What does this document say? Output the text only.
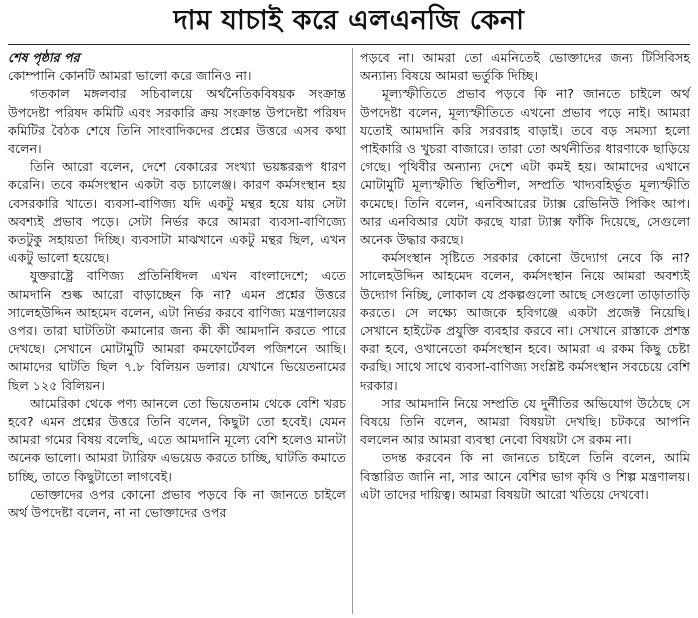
দাম যাচাই করে এলএনজি কেনা

শেষ পৃষ্ঠার পর

কোম্পানি কোনটি আমরা ভালো করে জানিও না।

গতকাল মঙ্গলবার সচিবালয়ে অর্থনৈতিকবিষয়ক সংক্রান্ত উপদেষ্টা পরিষদ কমিটি এবং সরকারি ক্রয় সংক্রান্ত উপদেষ্টা পরিষদ কমিটির বৈঠক শেষে তিনি সাংবাদিকদের প্রশ্নের উত্তরে এসব কথা বলেন।

তিনি আরো বলেন, দেশে বেকারের সংখ্যা ভয়ঙ্কররূপ ধারণ করেনি। তবে কর্মসংস্থান একটা বড় চ্যালেঞ্জ। কারণ কর্মসংস্থান হয় বেসরকারি খাতে। ব্যবসা-বাণিজ্য যদি একটু মন্থর হয়ে যায় সেটা অবশ্যই প্রভাব পড়ে। সেটা নির্ভর করে আমরা ব্যবসা-বাণিজ্যে কতটুকু সহায়তা দিচ্ছি। ব্যবসাটা মাঝখানে একটু মন্থর ছিল, এখন একটু ভালো হয়েছে।

যুক্তরাষ্ট্রে বাণিজ্য প্রতিনিধিদল এখন বাংলাদেশে; এতে আমদানি শুল্ক আরো বাড়াচ্ছেন কি না? এমন প্রশ্নের উত্তরে সালেহউদ্দিন আহমেদ বলেন, এটা নির্ভর করবে বাণিজ্য মন্ত্রণালয়ের ওপর। তারা ঘাটতিটা কমানোর জন্য কী কী আমদানি করতে পারে দেখছে। সেখানে মোটামুটি আমরা কমফোর্টেবল পজিশনে আছি। আমাদের ঘাটতি ছিল ৭.৮ বিলিয়ন ডলার। যেখানে ভিয়েতনামের ছিল ১২৫ বিলিয়ন।

আমেরিকা থেকে পণ্য আনলে তো ভিয়েতনাম থেকে বেশি খরচ হবে? এমন প্রশ্নের উত্তরে তিনি বলেন, কিছুটা তো হবেই। যেমন আমরা গমের বিষয় বলেছি, এতে আমদানি মূল্যে বেশি হলেও মানটা অনেক ভালো। আমরা ট্যারিফ এভয়েড করতে চাচ্ছি, ঘাটতি কমাতে চাচ্ছি, তাতে কিছুটাতো লাগবেই।

ভোক্তাদের ওপর কোনো প্রভাব পড়বে কি না জানতে চাইলে অর্থ উপদেষ্টা বলেন, না না ভোক্তাদের ওপর

পড়বে না। আমরা তো এমনিতেই ভোক্তাদের জন্য টিসিবিসহ অন্যান্য বিষয়ে আমরা ভর্তুকি দিচ্ছি।

মূল্যস্ফীতিতে প্রভাব পড়বে কি না? জানতে চাইলে অর্থ উপদেষ্টা বলেন, মূল্যস্ফীতিতে এখনো প্রভাব পড়ে নাই। আমরা যতোই আমদানি করি সরবরাহ বাড়াই। তবে বড় সমস্যা হলো পাইকারি ও খুচরা বাজারে। তারা তো অর্থনীতির ধারণাকে ছাড়িয়ে গেছে। পৃথিবীর অন্যান্য দেশে এটা কমই হয়। আমাদের এখানে মোটামুটি মূল্যস্ফীতি স্থিতিশীল, সম্প্রতি খাদ্যবহির্ভূত মূল্যস্ফীতি কমেছে। তিনি বলেন, এনবিআরের ট্যাক্স রেভিনিউ পিকিং আপ। আর এনবিআর যেটা করছে যারা ট্যাক্স ফাঁকি দিয়েছে, সেগুলো অনেক উদ্ধার করছে।

কর্মসংস্থান সৃষ্টিতে সরকার কোনো উদ্যোগ নেবে কি না? সালেহউদ্দিন আহমেদ বলেন, কর্মসংস্থান নিয়ে আমরা অবশ্যই উদ্যোগ নিচ্ছি, লোকাল যে প্রকল্পগুলো আছে সেগুলো তাড়াতাড়ি করতে। সে লক্ষ্যে আজকে হবিগঞ্জে একটা প্রজেক্ট নিয়েছি। সেখানে হাইটেক প্রযুক্তি ব্যবহার করবে না। সেখানে রাস্তাকে প্রশস্ত করা হবে, ওখানেতো কর্মসংস্থান হবে। আমরা এ রকম কিছু চেষ্টা করছি। সাথে সাথে ব্যবসা-বাণিজ্য সংশ্লিষ্ট কর্মসংস্থান সবচেয়ে বেশি দরকার।

সার আমদানি নিয়ে সম্প্রতি যে দুর্নীতির অভিযোগ উঠেছে সে বিষয়ে তিনি বলেন, আমরা বিষয়টা দেখছি। চটকরে আপনি বললেন আর আমরা ব্যবস্থা নেবো বিষয়টা সে রকম না।

তদন্ত করবেন কি না জানতে চাইলে তিনি বলেন, আমি বিস্তারিত জানি না, সার আনে বেশির ভাগ কৃষি ও শিল্প মন্ত্রণালয়। এটা তাদের দায়িত্ব। আমরা বিষয়টা আরো খতিয়ে দেখবো।
